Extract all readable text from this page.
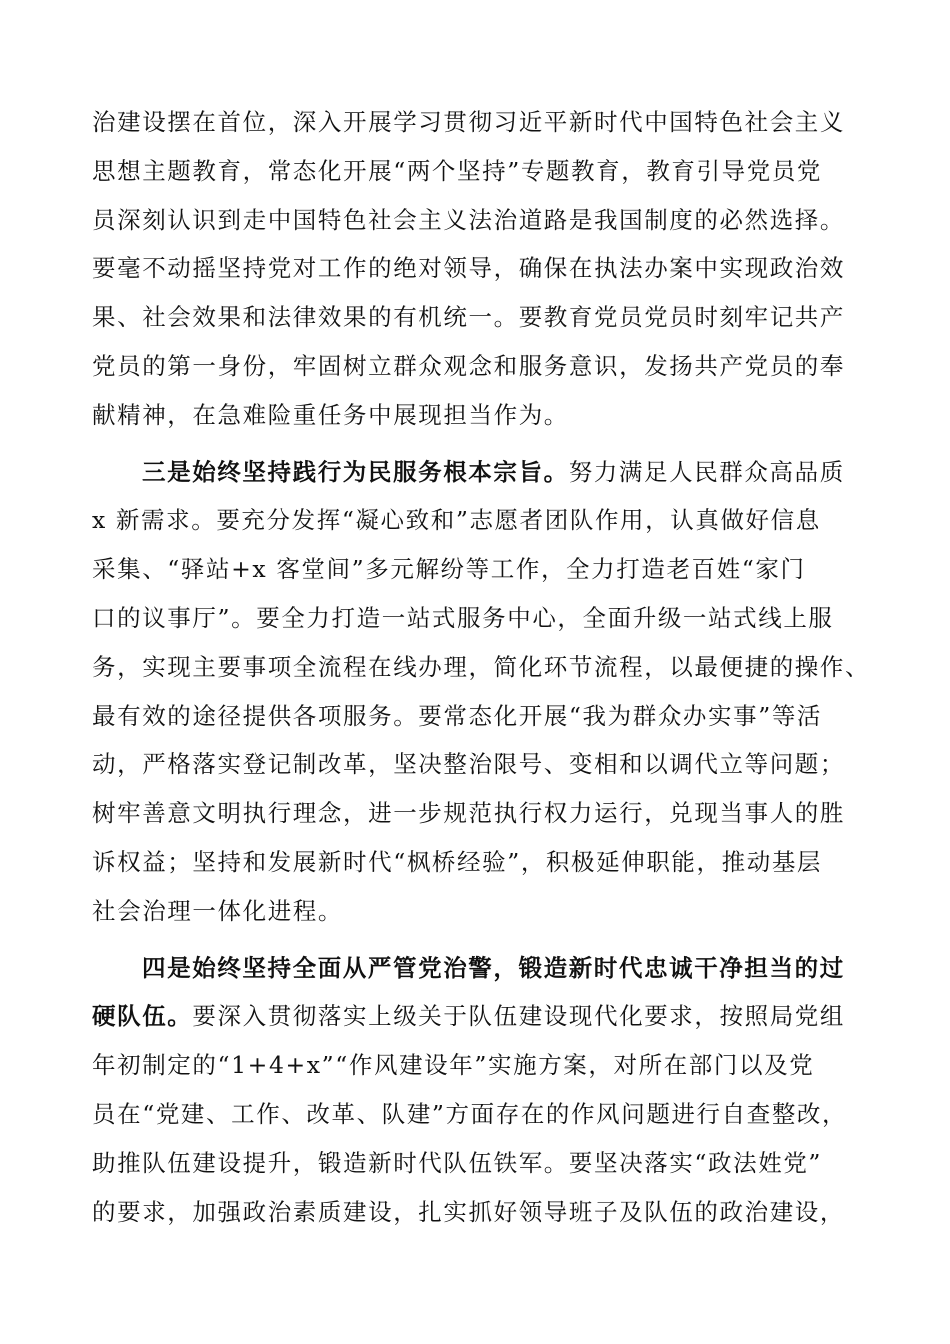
治建设摆在首位，深入开展学习贯彻习近平新时代中国特色社会主义
思想主题教育，常态化开展“两个坚持”专题教育，教育引导党员党
员深刻认识到走中国特色社会主义法治道路是我国制度的必然选择。
要毫不动摇坚持党对工作的绝对领导，确保在执法办案中实现政治效
果、社会效果和法律效果的有机统一。要教育党员党员时刻牢记共产
党员的第一身份，牢固树立群众观念和服务意识，发扬共产党员的奉
献精神，在急难险重任务中展现担当作为。
三是始终坚持践行为民服务根本宗旨。努力满足人民群众高品质
x 新需求。要充分发挥“凝心致和”志愿者团队作用，认真做好信息
采集、“驿站+x 客堂间”多元解纷等工作，全力打造老百姓“家门
口的议事厅”。要全力打造一站式服务中心，全面升级一站式线上服
务，实现主要事项全流程在线办理，简化环节流程，以最便捷的操作、
最有效的途径提供各项服务。要常态化开展“我为群众办实事”等活
动，严格落实登记制改革，坚决整治限号、变相和以调代立等问题；
树牢善意文明执行理念，进一步规范执行权力运行，兑现当事人的胜
诉权益；坚持和发展新时代“枫桥经验”，积极延伸职能，推动基层
社会治理一体化进程。
四是始终坚持全面从严管党治警，锻造新时代忠诚干净担当的过
硬队伍。要深入贯彻落实上级关于队伍建设现代化要求，按照局党组
年初制定的“1+4+x”“作风建设年”实施方案，对所在部门以及党
员在“党建、工作、改革、队建”方面存在的作风问题进行自查整改，
助推队伍建设提升，锻造新时代队伍铁军。要坚决落实“政法姓党”
的要求，加强政治素质建设，扎实抓好领导班子及队伍的政治建设，
